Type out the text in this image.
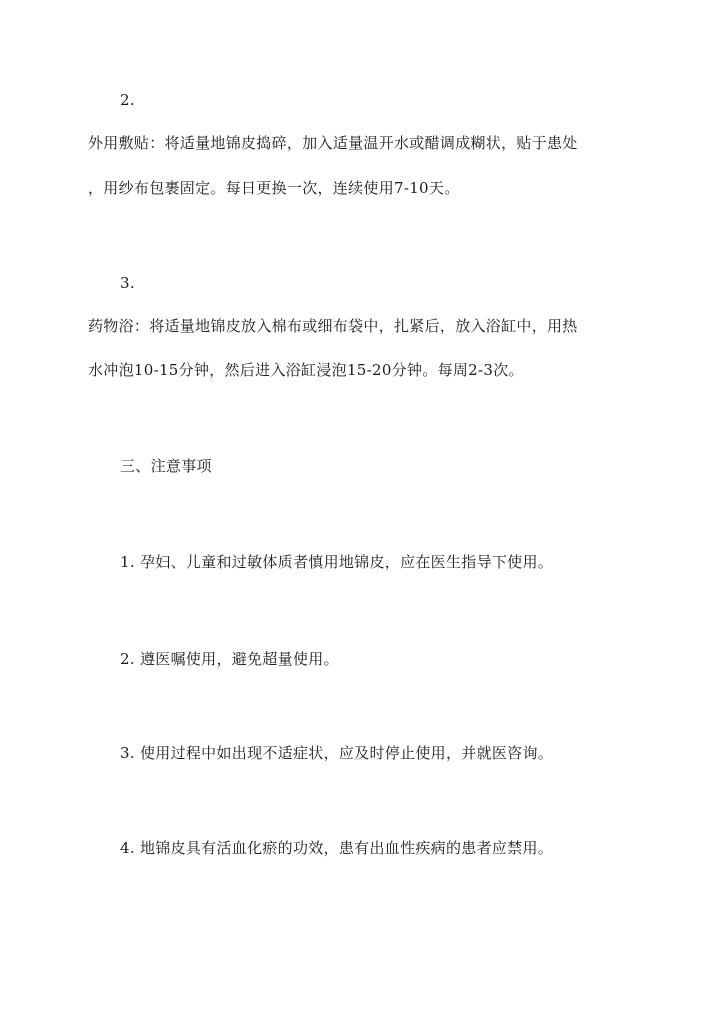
2.
外用敷贴：将适量地锦皮捣碎，加入适量温开水或醋调成糊状，贴于患处
，用纱布包裹固定。每日更换一次，连续使用7-10天。
3.
药物浴：将适量地锦皮放入棉布或细布袋中，扎紧后，放入浴缸中，用热
水冲泡10-15分钟，然后进入浴缸浸泡15-20分钟。每周2-3次。
三、注意事项
1. 孕妇、儿童和过敏体质者慎用地锦皮，应在医生指导下使用。
2. 遵医嘱使用，避免超量使用。
3. 使用过程中如出现不适症状，应及时停止使用，并就医咨询。
4. 地锦皮具有活血化瘀的功效，患有出血性疾病的患者应禁用。
